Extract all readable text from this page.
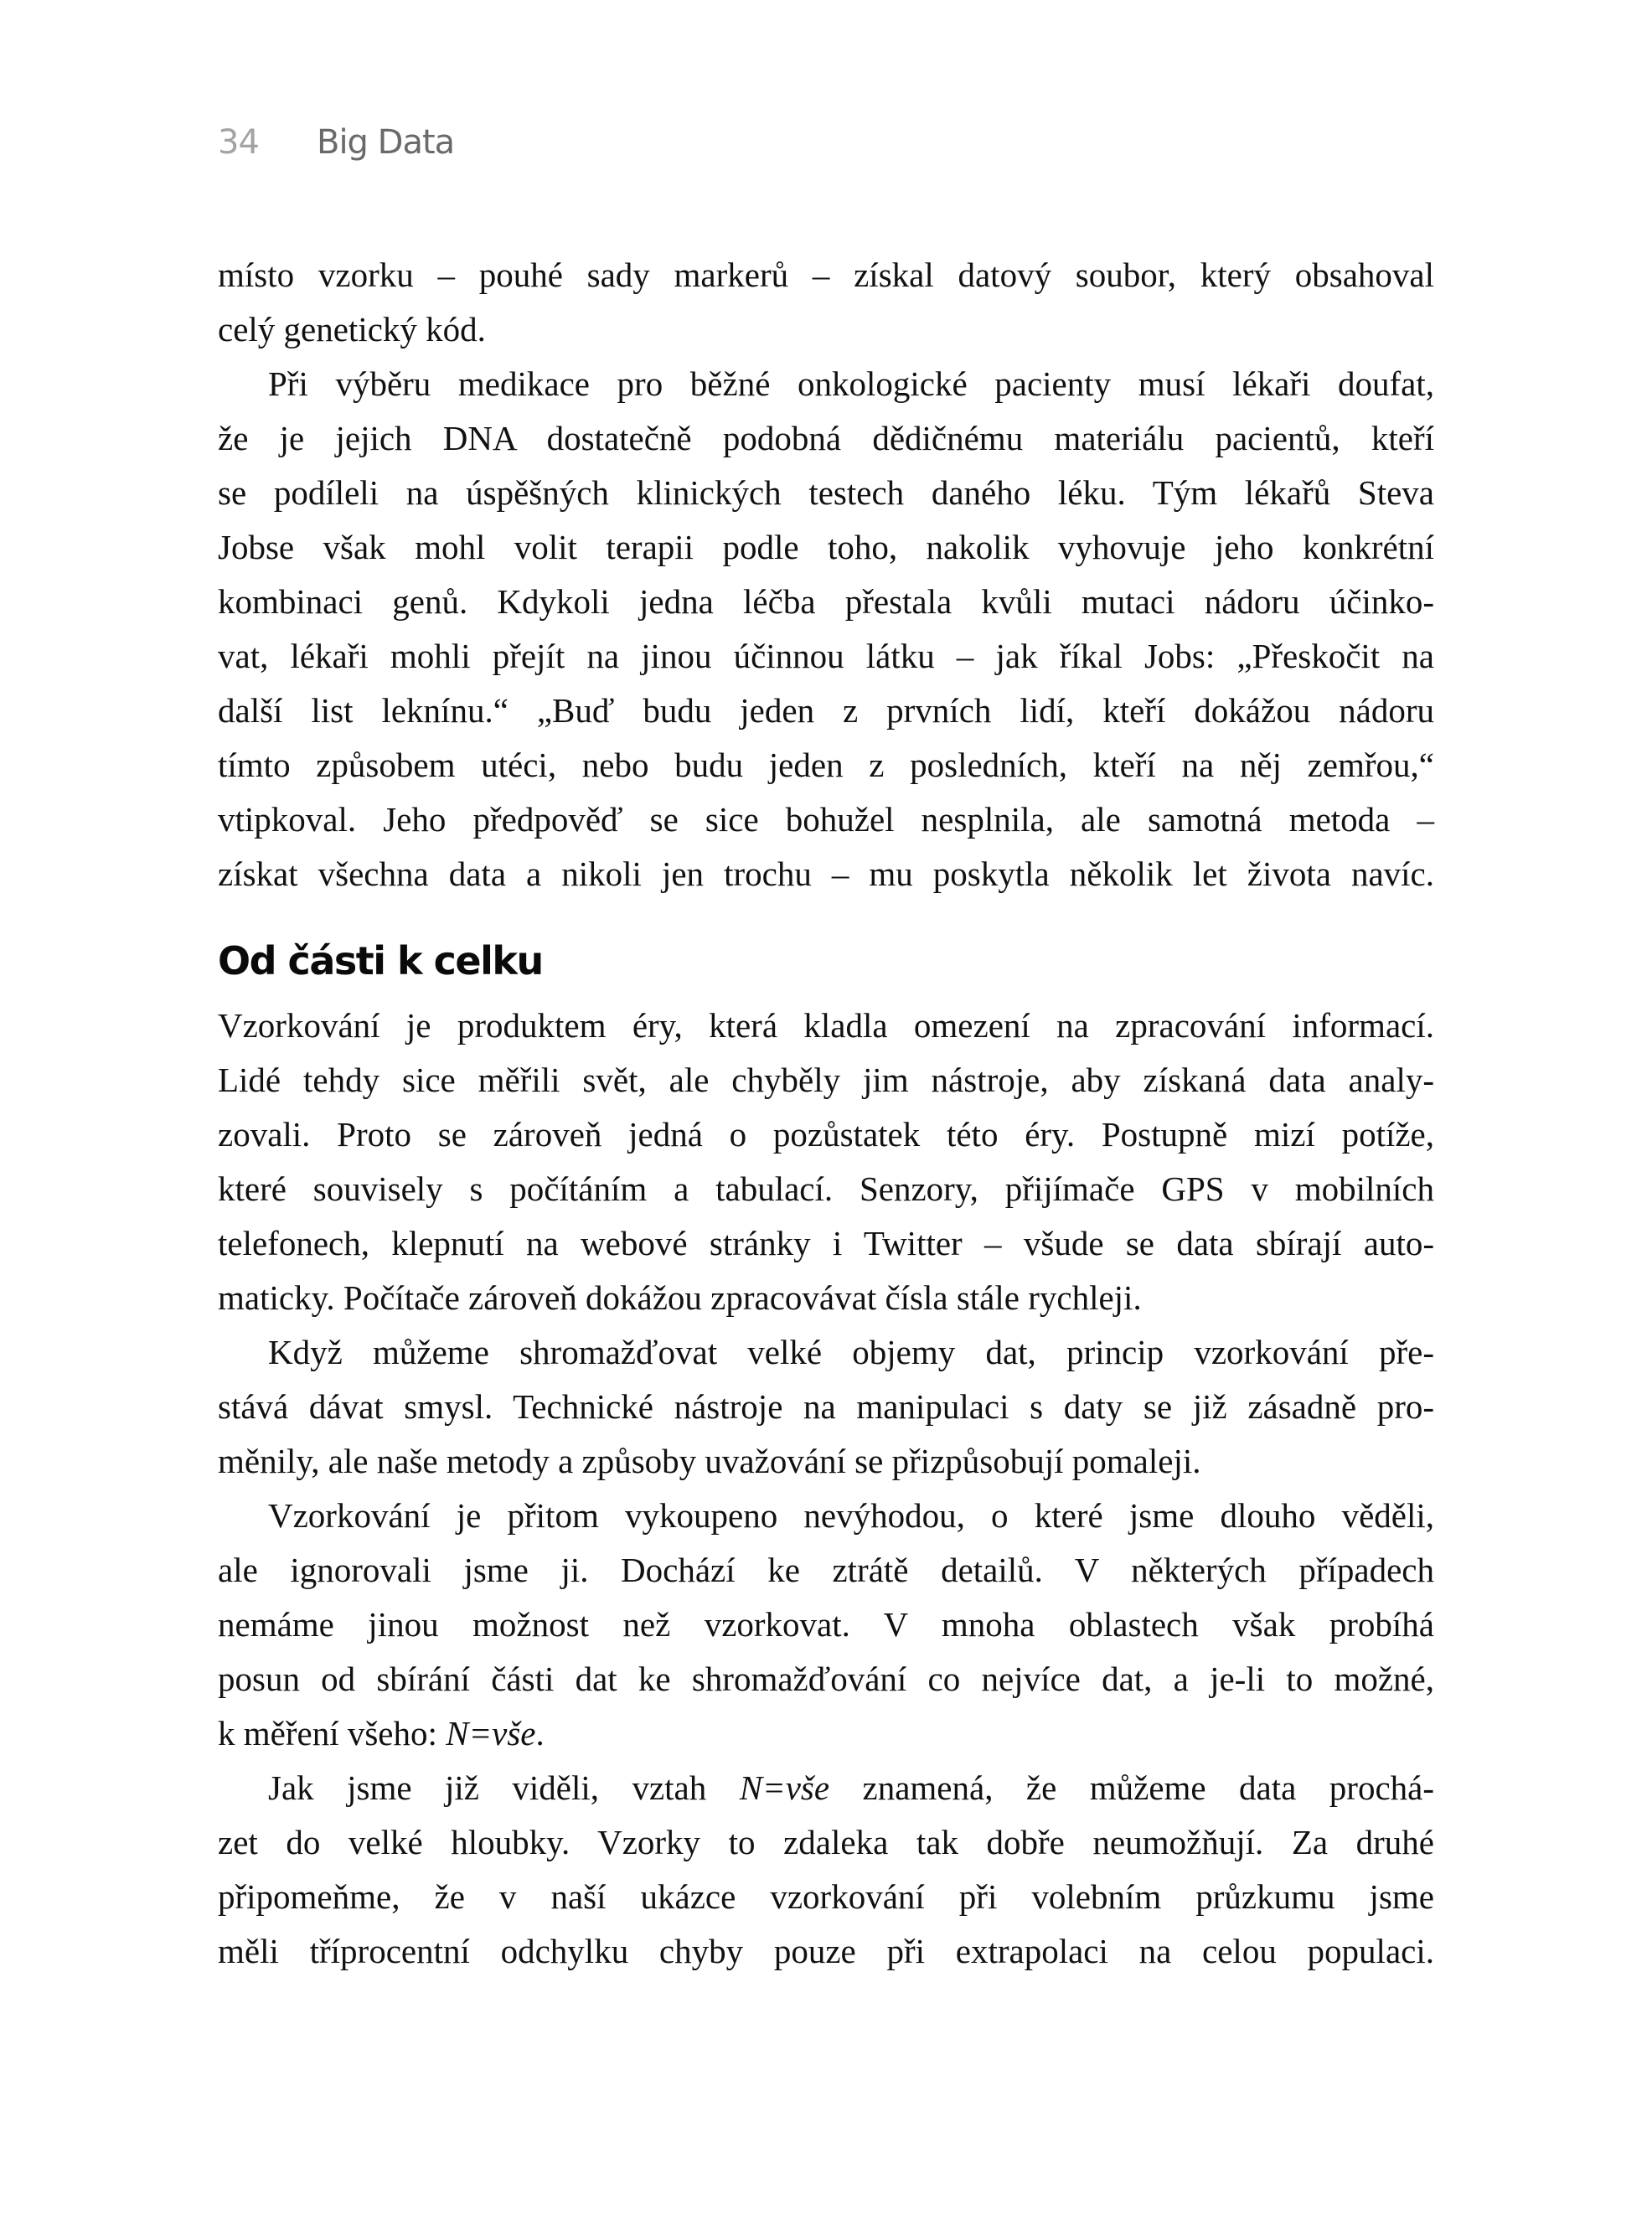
34 Big Data
místo vzorku – pouhé sady markerů – získal datový soubor, který obsahoval
celý genetický kód.
Při výběru medikace pro běžné onkologické pacienty musí lékaři doufat,
že je jejich DNA dostatečně podobná dědičnému materiálu pacientů, kteří
se podíleli na úspěšných klinických testech daného léku. Tým lékařů Steva
Jobse však mohl volit terapii podle toho, nakolik vyhovuje jeho konkrétní
kombinaci genů. Kdykoli jedna léčba přestala kvůli mutaci nádoru účinko-
vat, lékaři mohli přejít na jinou účinnou látku – jak říkal Jobs: „Přeskočit na
další list leknínu.“ „Buď budu jeden z prvních lidí, kteří dokážou nádoru
tímto způsobem utéci, nebo budu jeden z posledních, kteří na něj zemřou,“
vtipkoval. Jeho předpověď se sice bohužel nesplnila, ale samotná metoda –
získat všechna data a nikoli jen trochu – mu poskytla několik let života navíc.
Od části k celku
Vzorkování je produktem éry, která kladla omezení na zpracování informací.
Lidé tehdy sice měřili svět, ale chyběly jim nástroje, aby získaná data analy-
zovali. Proto se zároveň jedná o pozůstatek této éry. Postupně mizí potíže,
které souvisely s počítáním a tabulací. Senzory, přijímače GPS v mobilních
telefonech, klepnutí na webové stránky i Twitter – všude se data sbírají auto-
maticky. Počítače zároveň dokážou zpracovávat čísla stále rychleji.
Když můžeme shromažďovat velké objemy dat, princip vzorkování pře-
stává dávat smysl. Technické nástroje na manipulaci s daty se již zásadně pro-
měnily, ale naše metody a způsoby uvažování se přizpůsobují pomaleji.
Vzorkování je přitom vykoupeno nevýhodou, o které jsme dlouho věděli,
ale ignorovali jsme ji. Dochází ke ztrátě detailů. V některých případech
nemáme jinou možnost než vzorkovat. V mnoha oblastech však probíhá
posun od sbírání části dat ke shromažďování co nejvíce dat, a je-li to možné,
k měření všeho: N=vše.
Jak jsme již viděli, vztah N=vše znamená, že můžeme data prochá-
zet do velké hloubky. Vzorky to zdaleka tak dobře neumožňují. Za druhé
připomeňme, že v naší ukázce vzorkování při volebním průzkumu jsme
měli tříprocentní odchylku chyby pouze při extrapolaci na celou populaci.
